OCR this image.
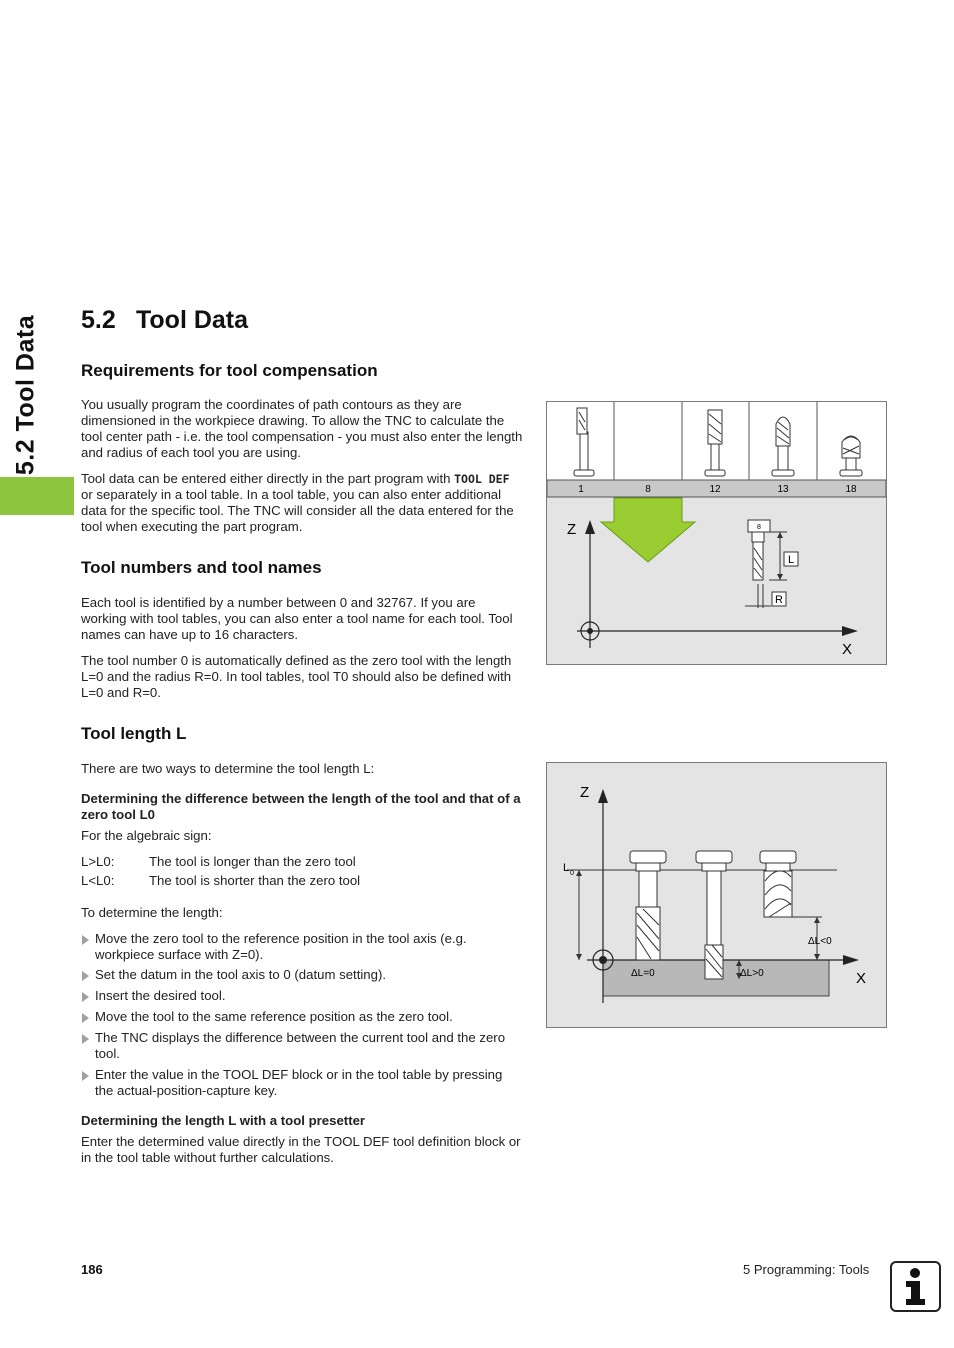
5.2 Tool Data 5.2 Tool Data
Requirements for tool compensation
You usually program the coordinates of path contours as they are dimensioned in the workpiece drawing. To allow the TNC to calculate the tool center path - i.e. the tool compensation - you must also enter the length and radius of each tool you are using.
Tool data can be entered either directly in the part program with TOOL DEF or separately in a tool table. In a tool table, you can also enter additional data for the specific tool. The TNC will consider all the data entered for the tool when executing the part program.
Tool numbers and tool names
Each tool is identified by a number between 0 and 32767. If you are working with tool tables, you can also enter a tool name for each tool. Tool names can have up to 16 characters.
The tool number 0 is automatically defined as the zero tool with the length L=0 and the radius R=0. In tool tables, tool T0 should also be defined with L=0 and R=0.
Tool length L
There are two ways to determine the tool length L:
Determining the difference between the length of the tool and that of a zero tool L0
For the algebraic sign:
L>L0:	The tool is longer than the zero tool
L<L0:	The tool is shorter than the zero tool
To determine the length:
Move the zero tool to the reference position in the tool axis (e.g. workpiece surface with Z=0).
Set the datum in the tool axis to 0 (datum setting).
Insert the desired tool.
Move the tool to the same reference position as the zero tool.
The TNC displays the difference between the current tool and the zero tool.
Enter the value in the TOOL DEF block or in the tool table by pressing the actual-position-capture key.
Determining the length L with a tool presetter
Enter the determined value directly in the TOOL DEF tool definition block or in the tool table without further calculations.
1	8	12	13	18
Z
X
8
L
R
Z
X
L 0
ΔL>0
ΔL=0
ΔL<0
186	5 Programming: Tools
